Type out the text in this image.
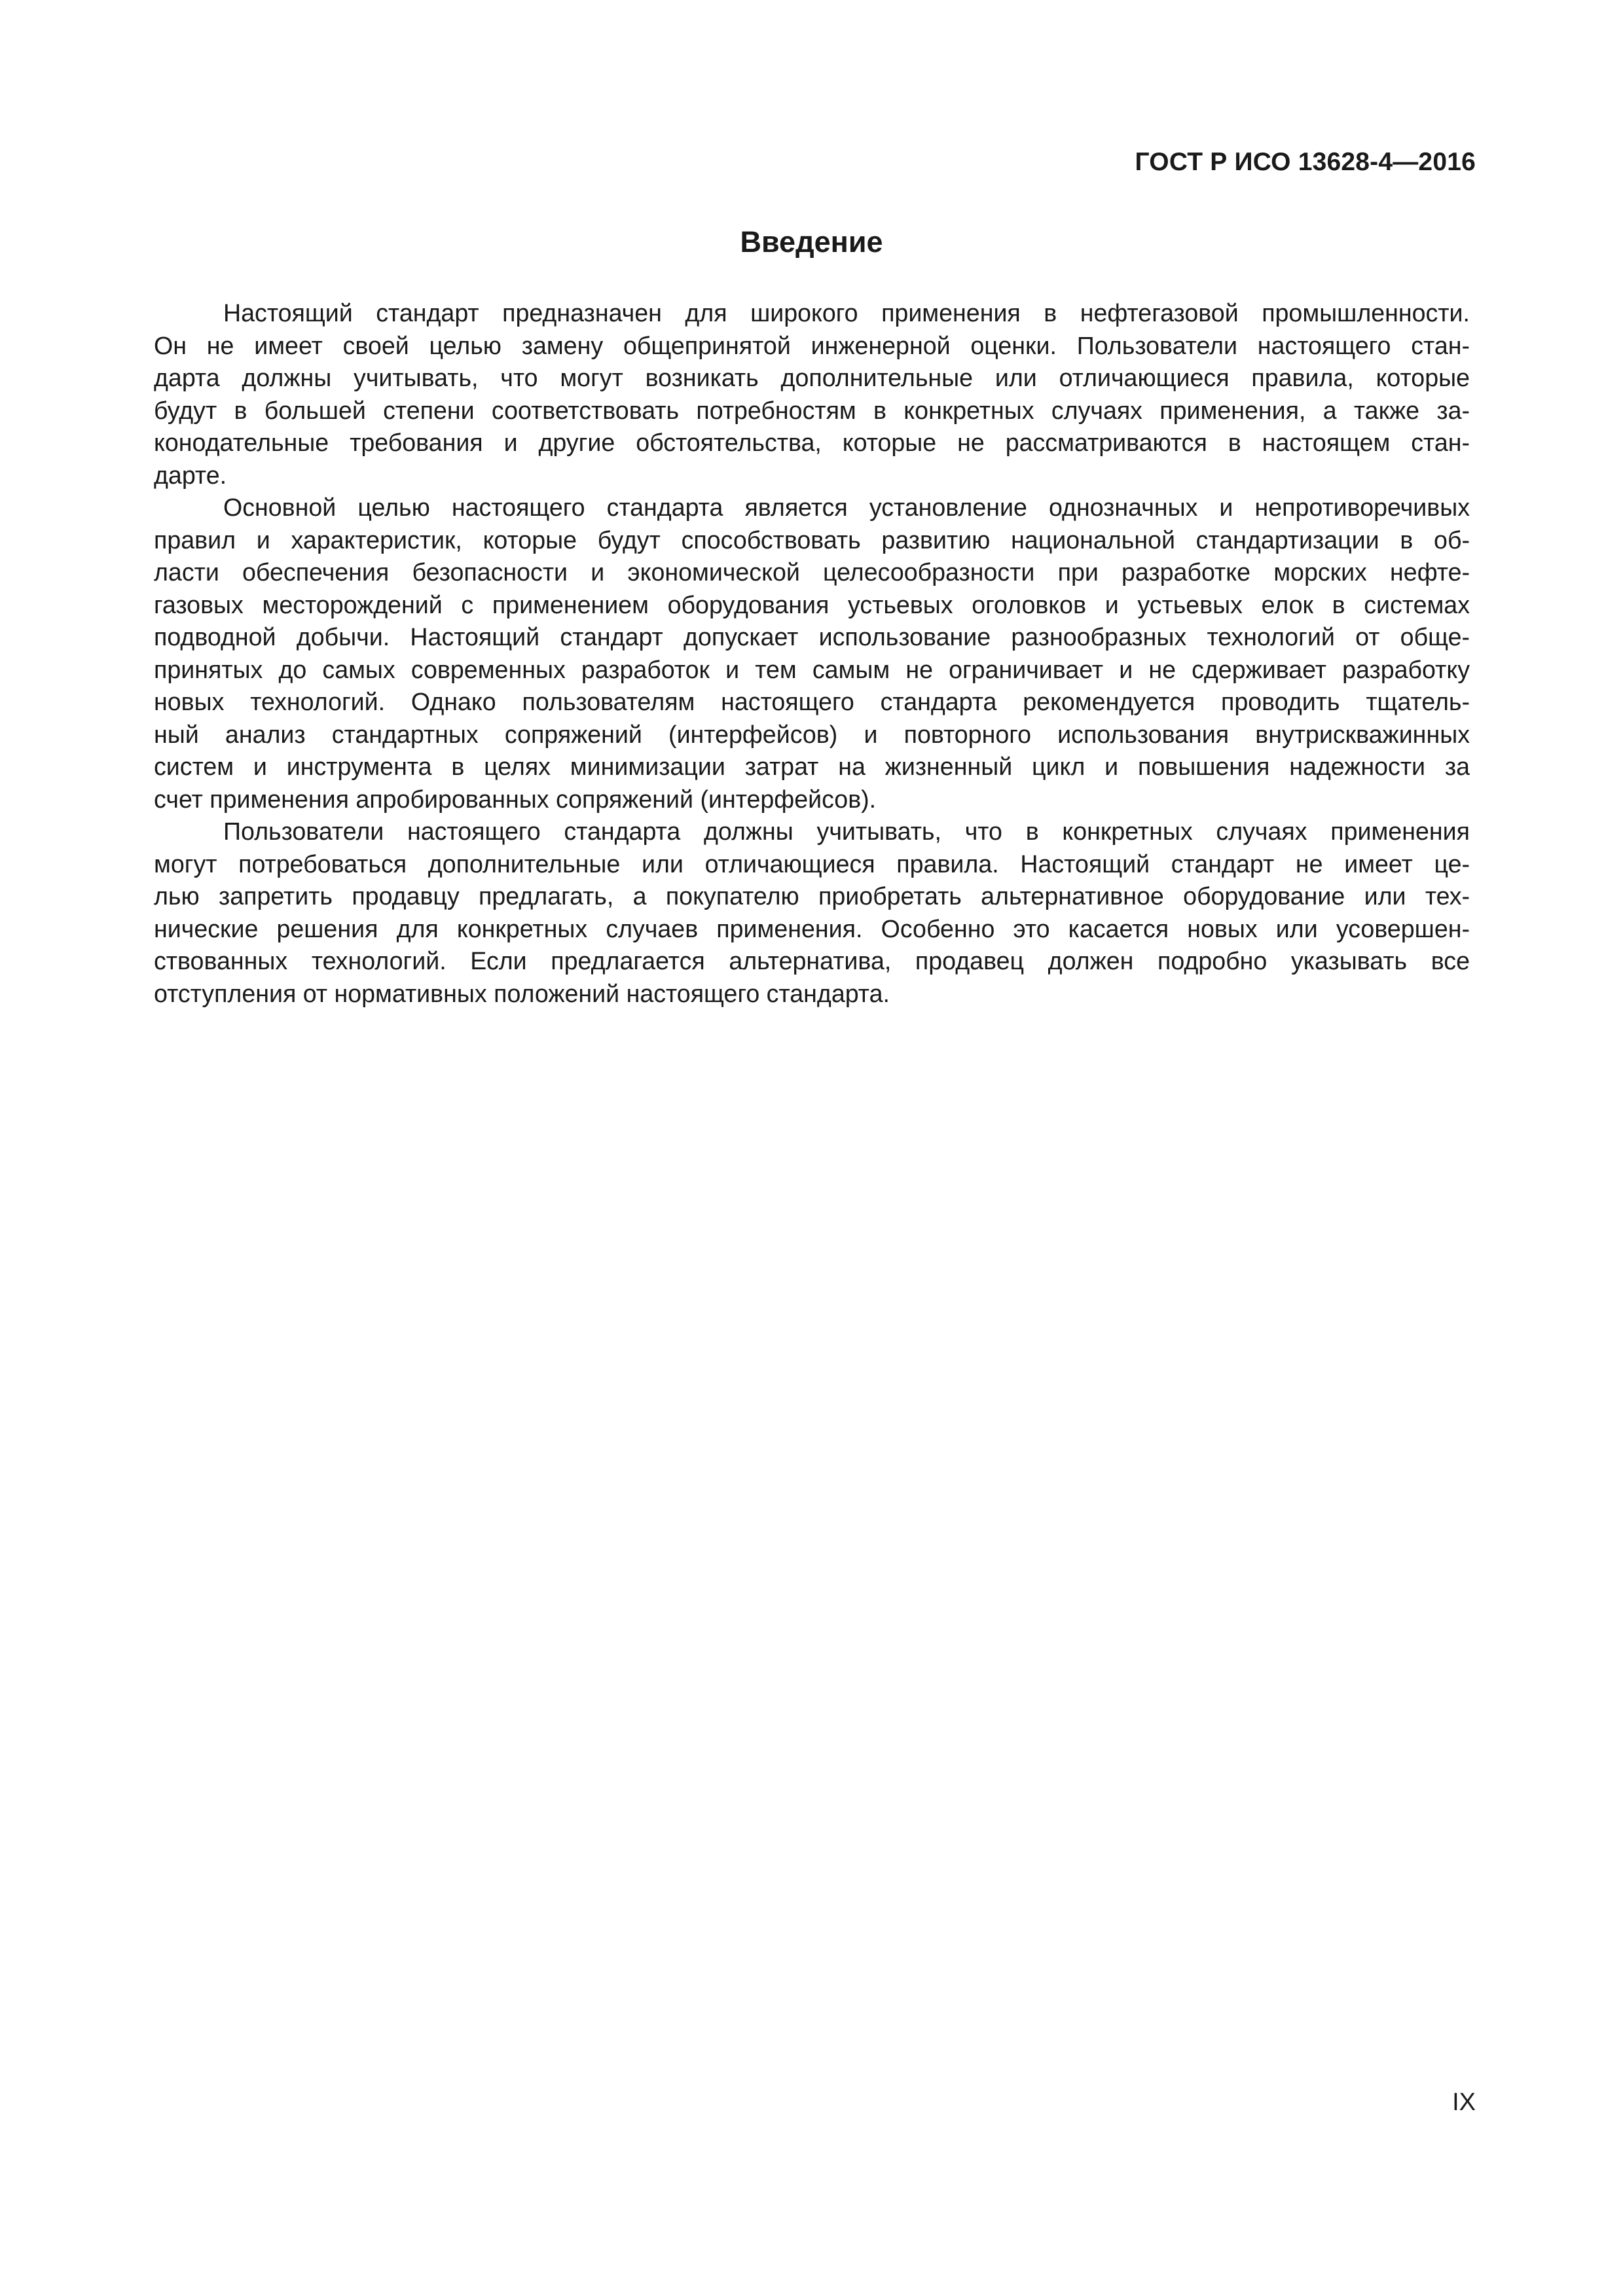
ГОСТ Р ИСО 13628-4—2016
Введение
Настоящий стандарт предназначен для широкого применения в нефтегазовой промышленности.
Он не имеет своей целью замену общепринятой инженерной оценки. Пользователи настоящего стан-
дарта должны учитывать, что могут возникать дополнительные или отличающиеся правила, которые
будут в большей степени соответствовать потребностям в конкретных случаях применения, а также за-
конодательные требования и другие обстоятельства, которые не рассматриваются в настоящем стан-
дарте.
Основной целью настоящего стандарта является установление однозначных и непротиворечивых
правил и характеристик, которые будут способствовать развитию национальной стандартизации в об-
ласти обеспечения безопасности и экономической целесообразности при разработке морских нефте-
газовых месторождений с применением оборудования устьевых оголовков и устьевых елок в системах
подводной добычи. Настоящий стандарт допускает использование разнообразных технологий от обще-
принятых до самых современных разработок и тем самым не ограничивает и не сдерживает разработку
новых технологий. Однако пользователям настоящего стандарта рекомендуется проводить тщатель-
ный анализ стандартных сопряжений (интерфейсов) и повторного использования внутрискважинных
систем и инструмента в целях минимизации затрат на жизненный цикл и повышения надежности за
счет применения апробированных сопряжений (интерфейсов).
Пользователи настоящего стандарта должны учитывать, что в конкретных случаях применения
могут потребоваться дополнительные или отличающиеся правила. Настоящий стандарт не имеет це-
лью запретить продавцу предлагать, а покупателю приобретать альтернативное оборудование или тех-
нические решения для конкретных случаев применения. Особенно это касается новых или усовершен-
ствованных технологий. Если предлагается альтернатива, продавец должен подробно указывать все
отступления от нормативных положений настоящего стандарта.
IX
